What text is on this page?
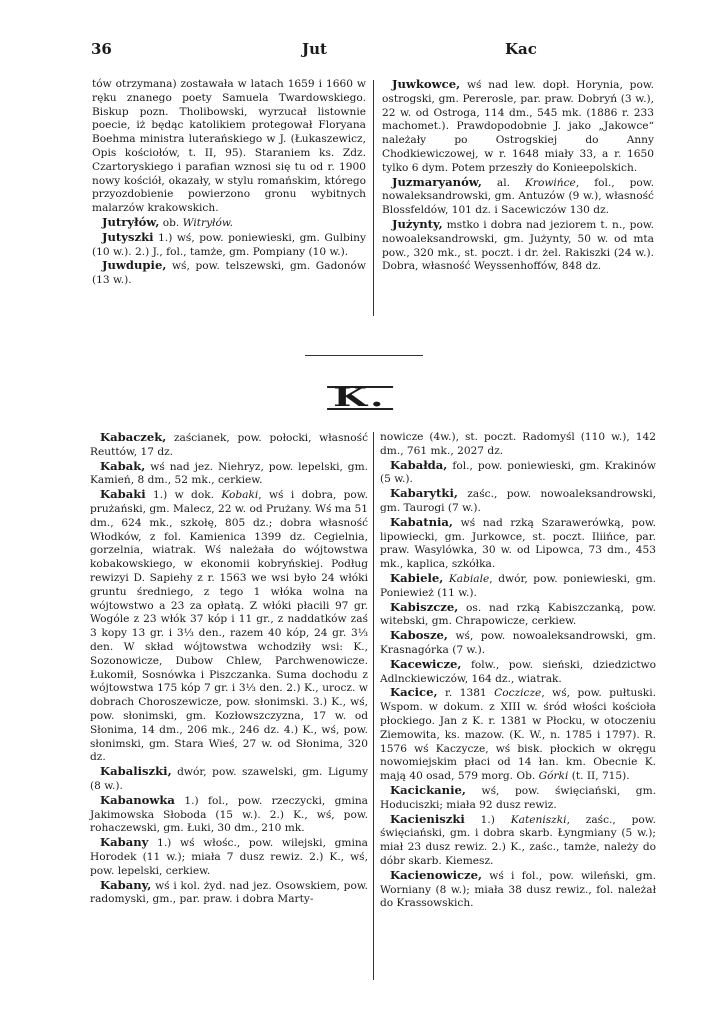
36	Jut	Kac

tów otrzymana) zostawała w latach 1659 i 1660 w ręku znanego poety Samuela Twardowskiego. Biskup pozn. Tholibowski, wyrzucał listownie poecie, iż będąc katolikiem protegował Floryana Boehma ministra luterańskiego w J. (Łukaszewicz, Opis kościołów, t. II, 95). Staraniem ks. Zdz. Czartoryskiego i parafian wznosi się tu od r. 1900 nowy kościół, okazały, w stylu romańskim, którego przyozdobienie powierzono gronu wybitnych malarzów krakowskich.

Jutryłów, ob. Witryłów.

Jutyszki 1.) wś, pow. poniewieski, gm. Gulbiny (10 w.). 2.) J., fol., tamże, gm. Pompiany (10 w.).

Juwdupie, wś, pow. telszewski, gm. Gadonów (13 w.).

Juwkowce, wś nad lew. dopł. Horynia, pow. ostrogski, gm. Pererosle, par. praw. Dobryń (3 w.), 22 w. od Ostroga, 114 dm., 545 mk. (1886 r. 233 machomet.). Prawdopodobnie J. jako „Jakowce“ należały po Ostrogskiej do Anny Chodkiewiczowej, w r. 1648 miały 33, a r. 1650 tylko 6 dym. Potem przeszły do Konieepolskich.

Juzmaryanów, al. Krowińce, fol., pow. nowaleksandrowski, gm. Antuzów (9 w.), własność Blossfeldów, 101 dz. i Sacewiczów 130 dz.

Jużynty, mstko i dobra nad jeziorem t. n., pow. nowoaleksandrowski, gm. Jużynty, 50 w. od mta pow., 320 mk., st. poczt. i dr. żel. Rakiszki (24 w.). Dobra, własność Weyssenhoffów, 848 dz.

K.

Kabaczek, zaścianek, pow. połocki, własność Reuttów, 17 dz.

Kabak, wś nad jez. Niehryz, pow. lepelski, gm. Kamień, 8 dm., 52 mk., cerkiew.

Kabaki 1.) w dok. Kobaki, wś i dobra, pow. prużański, gm. Malecz, 22 w. od Prużany. Wś ma 51 dm., 624 mk., szkołę, 805 dz.; dobra własność Włodków, z fol. Kamienica 1399 dz. Cegielnia, gorzelnia, wiatrak. Wś należała do wójtowstwa kobakowskiego, w ekonomii kobryńskiej. Podług rewizyi D. Sapiehy z r. 1563 we wsi było 24 włóki gruntu średniego, z tego 1 włóka wolna na wójtowstwo a 23 za opłatą. Z włóki płacili 97 gr. Wogóle z 23 włók 37 kóp i 11 gr., z naddatków zaś 3 kopy 13 gr. i 3⅓ den., razem 40 kóp, 24 gr. 3⅓ den. W skład wójtowstwa wchodziły wsi: K., Sozonowicze, Dubow Chlew, Parchwenowicze. Łukomił, Sosnówka i Piszczanka. Suma dochodu z wójtowstwa 175 kóp 7 gr. i 3⅓ den. 2.) K., urocz. w dobrach Choroszewicze, pow. słonimski. 3.) K., wś, pow. słonimski, gm. Kozłowszczyzna, 17 w. od Słonima, 14 dm., 206 mk., 246 dz. 4.) K., wś, pow. słonimski, gm. Stara Wieś, 27 w. od Słonima, 320 dz.

Kabaliszki, dwór, pow. szawelski, gm. Ligumy (8 w.).

Kabanowka 1.) fol., pow. rzeczycki, gmina Jakimowska Słoboda (15 w.). 2.) K., wś, pow. rohaczewski, gm. Łuki, 30 dm., 210 mk.

Kabany 1.) wś włośc., pow. wilejski, gmina Horodek (11 w.); miała 7 dusz rewiz. 2.) K., wś, pow. lepelski, cerkiew.

Kabany, wś i kol. żyd. nad jez. Osowskiem, pow. radomyski, gm., par. praw. i dobra Marty-

nowicze (4w.), st. poczt. Radomyśl (110 w.), 142 dm., 761 mk., 2027 dz.

Kabałda, fol., pow. poniewieski, gm. Krakinów (5 w.).

Kabarytki, zaśc., pow. nowoaleksandrowski, gm. Taurogi (7 w.).

Kabatnia, wś nad rzką Szarawerówką, pow. lipowiecki, gm. Jurkowce, st. poczt. Iliińce, par. praw. Wasylówka, 30 w. od Lipowca, 73 dm., 453 mk., kaplica, szkółka.

Kabiele, Kabiale, dwór, pow. poniewieski, gm. Poniewież (11 w.).

Kabiszcze, os. nad rzką Kabiszczanką, pow. witebski, gm. Chrapowicze, cerkiew.

Kabosze, wś, pow. nowoaleksandrowski, gm. Krasnagórka (7 w.).

Kacewicze, folw., pow. sieński, dziedzictwo Adlnckiewiczów, 164 dz., wiatrak.

Kacice, r. 1381 Coczicze, wś, pow. pułtuski. Wspom. w dokum. z XIII w. śród włości kościoła płockiego. Jan z K. r. 1381 w Płocku, w otoczeniu Ziemowita, ks. mazow. (K. W., n. 1785 i 1797). R. 1576 wś Kaczycze, wś bisk. płockich w okręgu nowomiejskim płaci od 14 łan. km. Obecnie K. mają 40 osad, 579 morg. Ob. Górki (t. II, 715).

Kacickanie, wś, pow. święciański, gm. Hoduciszki; miała 92 dusz rewiz.

Kacieniszki 1.) Kateniszki, zaśc., pow. święciański, gm. i dobra skarb. Łyngmiany (5 w.); miał 23 dusz rewiz. 2.) K., zaśc., tamże, należy do dóbr skarb. Kiemesz.

Kacienowicze, wś i fol., pow. wileński, gm. Worniany (8 w.); miała 38 dusz rewiz., fol. należał do Krassowskich.
